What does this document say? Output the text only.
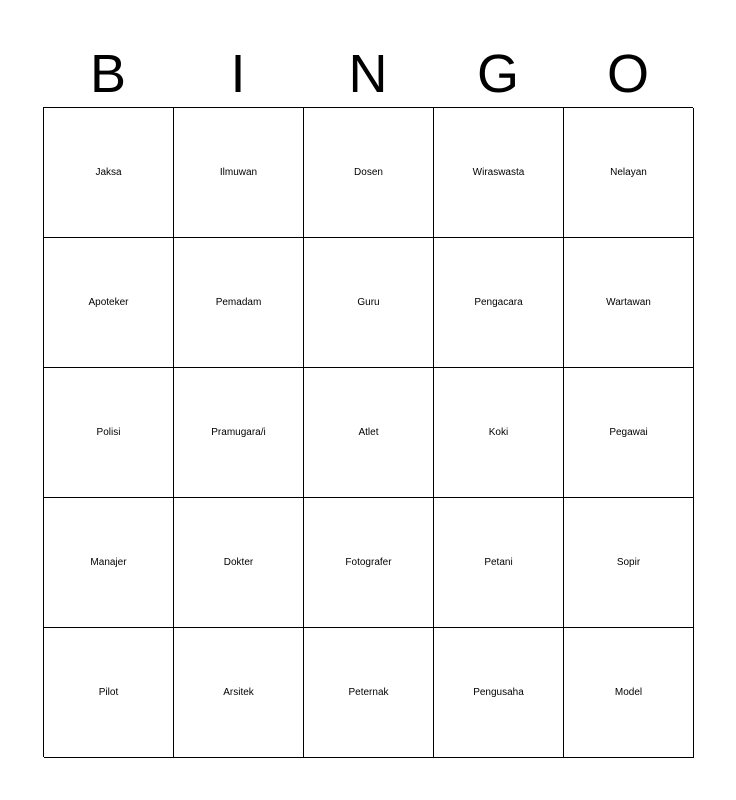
B	I	N	G	O
Jaksa	Ilmuwan	Dosen	Wiraswasta	Nelayan
Apoteker	Pemadam	Guru	Pengacara	Wartawan
Polisi	Pramugara/i	Atlet	Koki	Pegawai
Manajer	Dokter	Fotografer	Petani	Sopir
Pilot	Arsitek	Peternak	Pengusaha	Model
